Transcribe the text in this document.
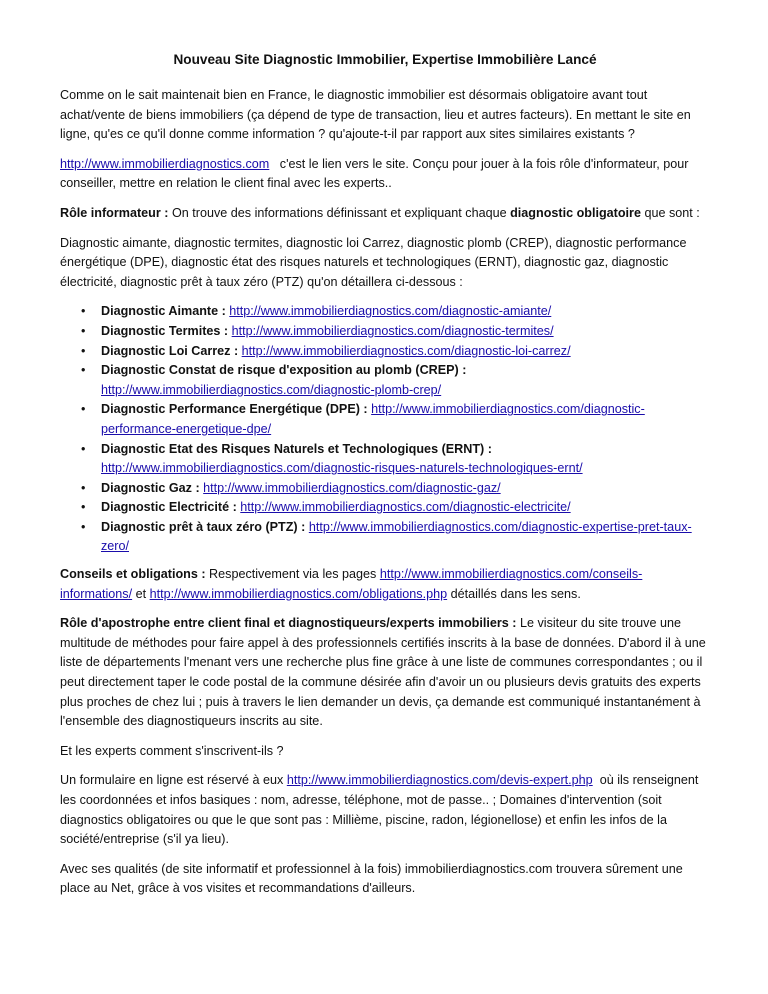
Nouveau Site Diagnostic Immobilier, Expertise Immobilière Lancé

Comme on le sait maintenait bien en France, le diagnostic immobilier est désormais obligatoire avant tout achat/vente de biens immobiliers (ça dépend de type de transaction, lieu et autres facteurs). En mettant le site en ligne, qu'es ce qu'il donne comme information ? qu'ajoute-t-il par rapport aux sites similaires existants ?

http://www.immobilierdiagnostics.com c'est le lien vers le site. Conçu pour jouer à la fois rôle d'informateur, pour conseiller, mettre en relation le client final avec les experts..

Rôle informateur : On trouve des informations définissant et expliquant chaque diagnostic obligatoire que sont :

Diagnostic aimante, diagnostic termites, diagnostic loi Carrez, diagnostic plomb (CREP), diagnostic performance énergétique (DPE), diagnostic état des risques naturels et technologiques (ERNT), diagnostic gaz, diagnostic électricité, diagnostic prêt à taux zéro (PTZ) qu'on détaillera ci-dessous :

• Diagnostic Aimante : http://www.immobilierdiagnostics.com/diagnostic-amiante/
• Diagnostic Termites : http://www.immobilierdiagnostics.com/diagnostic-termites/
• Diagnostic Loi Carrez : http://www.immobilierdiagnostics.com/diagnostic-loi-carrez/
• Diagnostic Constat de risque d'exposition au plomb (CREP) : http://www.immobilierdiagnostics.com/diagnostic-plomb-crep/
• Diagnostic Performance Energétique (DPE) : http://www.immobilierdiagnostics.com/diagnostic-performance-energetique-dpe/
• Diagnostic Etat des Risques Naturels et Technologiques (ERNT) : http://www.immobilierdiagnostics.com/diagnostic-risques-naturels-technologiques-ernt/
• Diagnostic Gaz : http://www.immobilierdiagnostics.com/diagnostic-gaz/
• Diagnostic Electricité : http://www.immobilierdiagnostics.com/diagnostic-electricite/
• Diagnostic prêt à taux zéro (PTZ) : http://www.immobilierdiagnostics.com/diagnostic-expertise-pret-taux-zero/

Conseils et obligations : Respectivement via les pages http://www.immobilierdiagnostics.com/conseils-informations/ et http://www.immobilierdiagnostics.com/obligations.php détaillés dans les sens.

Rôle d'apostrophe entre client final et diagnostiqueurs/experts immobiliers : Le visiteur du site trouve une multitude de méthodes pour faire appel à des professionnels certifiés inscrits à la base de données. D'abord il à une liste de départements l'menant vers une recherche plus fine grâce à une liste de communes correspondantes ; ou il peut directement taper le code postal de la commune désirée afin d'avoir un ou plusieurs devis gratuits des experts plus proches de chez lui ; puis à travers le lien demander un devis, ça demande est communiqué instantanément à l'ensemble des diagnostiqueurs inscrits au site.

Et les experts comment s'inscrivent-ils ?

Un formulaire en ligne est réservé à eux http://www.immobilierdiagnostics.com/devis-expert.php où ils renseignent les coordonnées et infos basiques : nom, adresse, téléphone, mot de passe.. ; Domaines d'intervention (soit diagnostics obligatoires ou que le que sont pas : Millième, piscine, radon, légionellose) et enfin les infos de la société/entreprise (s'il ya lieu).

Avec ses qualités (de site informatif et professionnel à la fois) immobilierdiagnostics.com trouvera sûrement une place au Net, grâce à vos visites et recommandations d'ailleurs.
